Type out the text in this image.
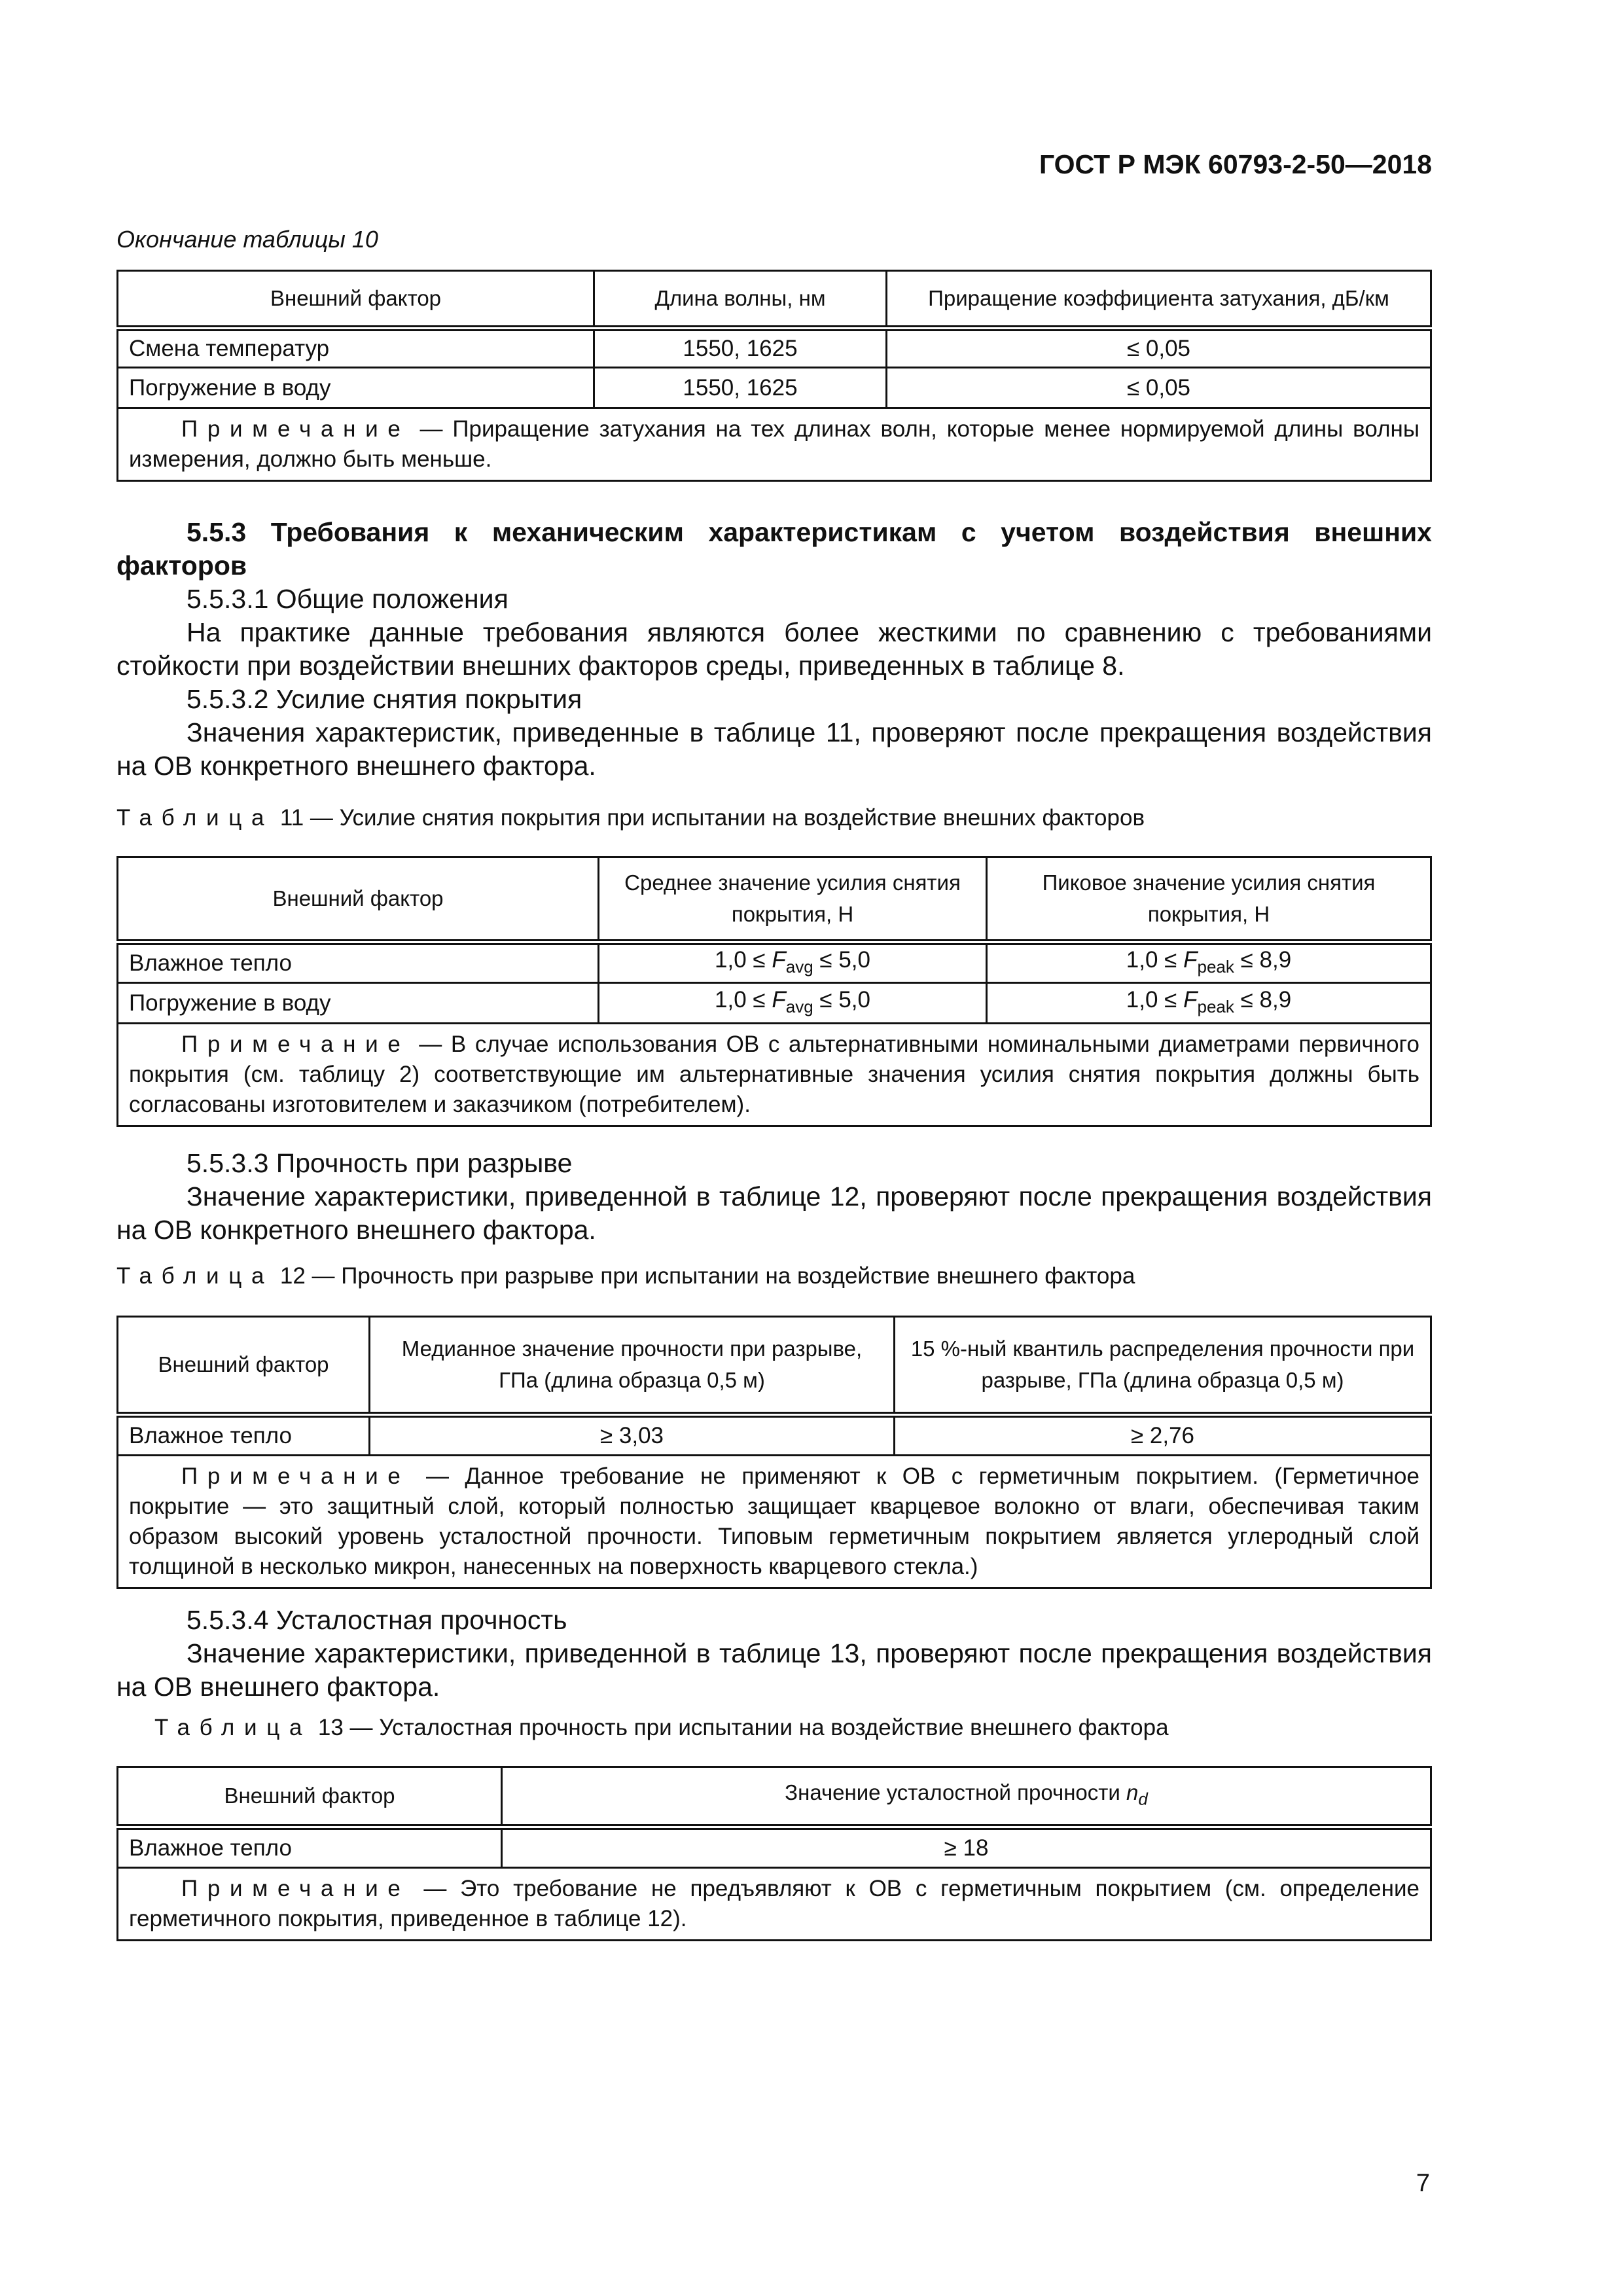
ГОСТ Р МЭК 60793-2-50—2018
Окончание таблицы 10
Внешний фактор	Длина волны, нм	Приращение коэффициента затухания, дБ/км
Смена температур	1550, 1625	≤ 0,05
Погружение в воду	1550, 1625	≤ 0,05

Примечание — Приращение затухания на тех длинах волн, которые менее нормируемой длины волны измерения, должно быть меньше.		
5.5.3 Требования к механическим характеристикам с учетом воздействия внешних факторов
5.5.3.1 Общие положения
На практике данные требования являются более жесткими по сравнению с требованиями стойкости при воздействии внешних факторов среды, приведенных в таблице 8.
5.5.3.2 Усилие снятия покрытия
Значения характеристик, приведенные в таблице 11, проверяют после прекращения воздействия на ОВ конкретного внешнего фактора.
Таблица 11 — Усилие снятия покрытия при испытании на воздействие внешних факторов
Внешний фактор	Среднее значение усилия снятия покрытия, Н	Пиковое значение усилия снятия покрытия, Н
Влажное тепло	$1,0 \le F_{avg} \le 5,0$	$1,0 \le F_{peak} \le 8,9$
Погружение в воду	$1,0 \le F_{avg} \le 5,0$	$1,0 \le F_{peak} \le 8,9$

Примечание — В случае использования ОВ с альтернативными номинальными диаметрами первичного покрытия (см. таблицу 2) соответствующие им альтернативные значения усилия снятия покрытия должны быть согласованы изготовителем и заказчиком (потребителем).		
5.5.3.3 Прочность при разрыве
Значение характеристики, приведенной в таблице 12, проверяют после прекращения воздействия на ОВ конкретного внешнего фактора.
Таблица 12 — Прочность при разрыве при испытании на воздействие внешнего фактора
Внешний фактор	Медианное значение прочности при разрыве, ГПа (длина образца 0,5 м)	15 %-ный квантиль распределения прочности при разрыве, ГПа (длина образца 0,5 м)
Влажное тепло	≥ 3,03	≥ 2,76

Примечание — Данное требование не применяют к ОВ с герметичным покрытием. (Герметичное покрытие — это защитный слой, который полностью защищает кварцевое волокно от влаги, обеспечивая таким образом высокий уровень усталостной прочности. Типовым герметичным покрытием является углеродный слой толщиной в несколько микрон, нанесенных на поверхность кварцевого стекла.)		
5.5.3.4 Усталостная прочность
Значение характеристики, приведенной в таблице 13, проверяют после прекращения воздействия на ОВ внешнего фактора.
Таблица 13 — Усталостная прочность при испытании на воздействие внешнего фактора
Внешний фактор	Значение усталостной прочности $n_d$
Влажное тепло	≥ 18

Примечание — Это требование не предъявляют к ОВ с герметичным покрытием (см. определение герметичного покрытия, приведенное в таблице 12).	
7
